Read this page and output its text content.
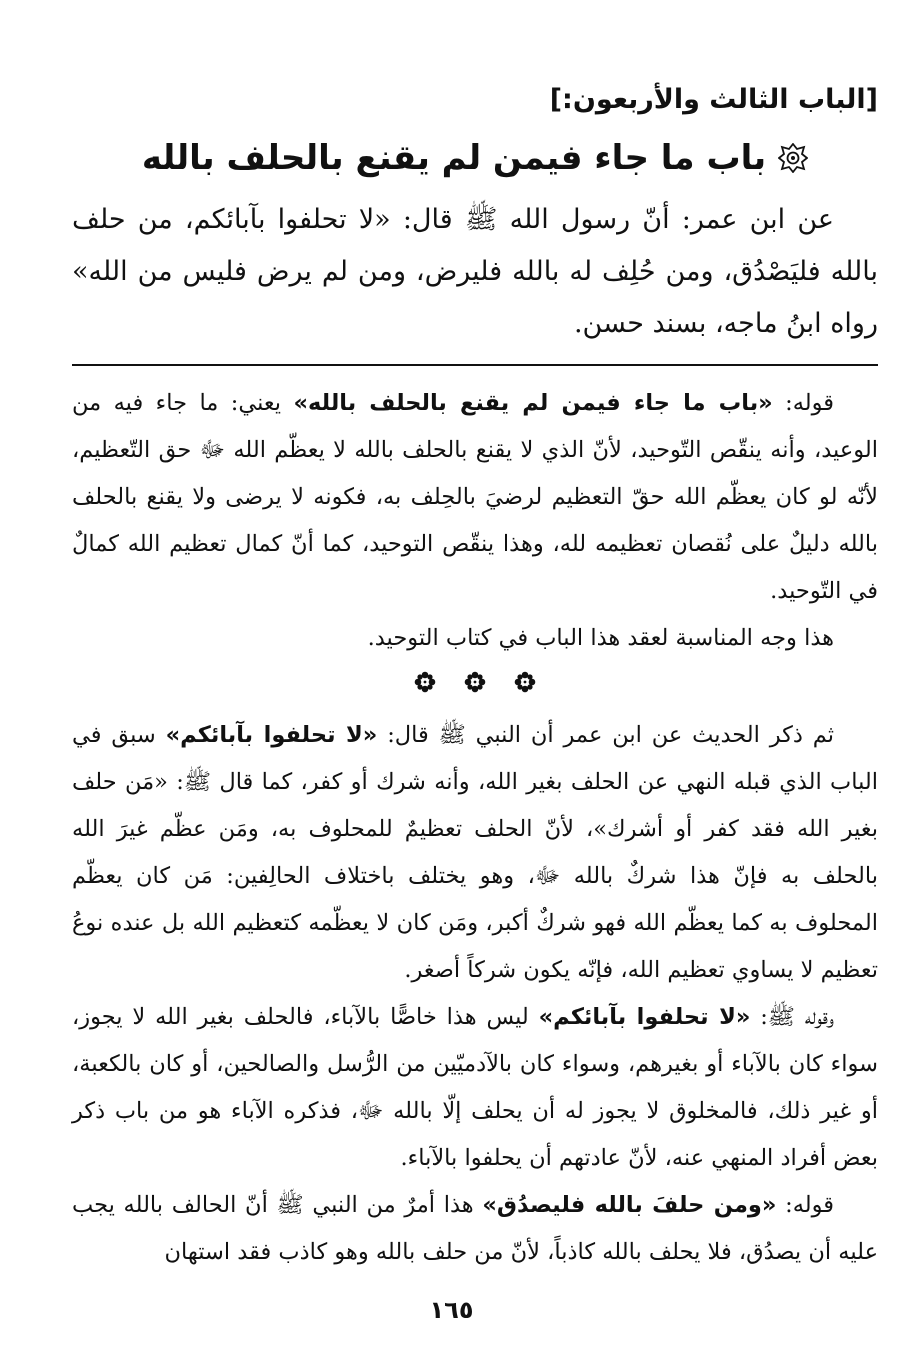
[الباب الثالث والأربعون:]
باب ما جاء فيمن لم يقنع بالحلف بالله

عن ابن عمر: أنّ رسول الله ﷺ قال: «لا تحلفوا بآبائكم، من حلف بالله فليَصْدُق، ومن حُلِف له بالله فليرض، ومن لم يرض فليس من الله» رواه ابنُ ماجه، بسند حسن.

قوله: «باب ما جاء فيمن لم يقنع بالحلف بالله» يعني: ما جاء فيه من الوعيد، وأنه ينقّص التّوحيد، لأنّ الذي لا يقنع بالحلف بالله لا يعظّم الله ﷻ حق التّعظيم، لأنّه لو كان يعظّم الله حقّ التعظيم لرضيَ بالحِلف به، فكونه لا يرضى ولا يقنع بالحلف بالله دليلٌ على نُقصان تعظيمه لله، وهذا ينقّص التوحيد، كما أنّ كمال تعظيم الله كمالٌ في التّوحيد.

هذا وجه المناسبة لعقد هذا الباب في كتاب التوحيد.

ثم ذكر الحديث عن ابن عمر أن النبي ﷺ قال: «لا تحلفوا بآبائكم» سبق في الباب الذي قبله النهي عن الحلف بغير الله، وأنه شرك أو كفر، كما قال ﷺ: «مَن حلف بغير الله فقد كفر أو أشرك»، لأنّ الحلف تعظيمٌ للمحلوف به، ومَن عظّم غيرَ الله بالحلف به فإنّ هذا شركٌ بالله ﷻ، وهو يختلف باختلاف الحالِفين: مَن كان يعظّم المحلوف به كما يعظّم الله فهو شركٌ أكبر، ومَن كان لا يعظّمه كتعظيم الله بل عنده نوعُ تعظيم لا يساوي تعظيم الله، فإنّه يكون شركاً أصغر.

وقوله ﷺ: «لا تحلفوا بآبائكم» ليس هذا خاصًّا بالآباء، فالحلف بغير الله لا يجوز، سواء كان بالآباء أو بغيرهم، وسواء كان بالآدميّين من الرُّسل والصالحين، أو كان بالكعبة، أو غير ذلك، فالمخلوق لا يجوز له أن يحلف إلّا بالله ﷻ، فذكره الآباء هو من باب ذكر بعض أفراد المنهي عنه، لأنّ عادتهم أن يحلفوا بالآباء.

قوله: «ومن حلفَ بالله فليصدُق» هذا أمرٌ من النبي ﷺ أنّ الحالف بالله يجب عليه أن يصدُق، فلا يحلف بالله كاذباً، لأنّ من حلف بالله وهو كاذب فقد استهان

١٦٥
